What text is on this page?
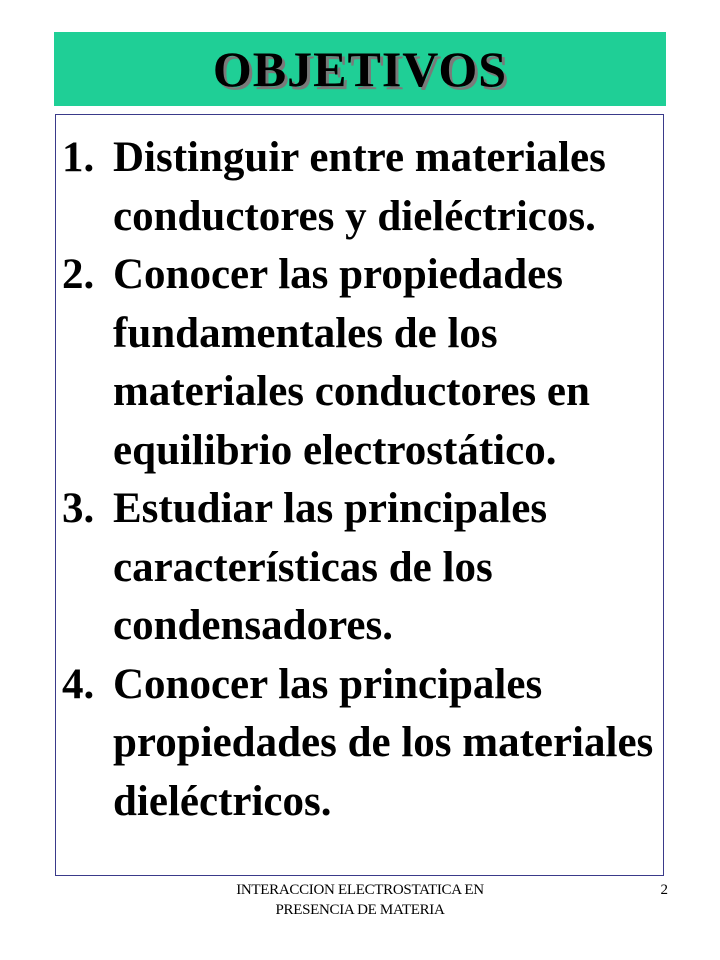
OBJETIVOS
1. Distinguir entre materiales conductores y dieléctricos.
2. Conocer las propiedades fundamentales de los materiales conductores en equilibrio electrostático.
3. Estudiar las principales características de los condensadores.
4. Conocer las principales propiedades de los materiales dieléctricos.
INTERACCION ELECTROSTATICA EN PRESENCIA DE MATERIA
2
